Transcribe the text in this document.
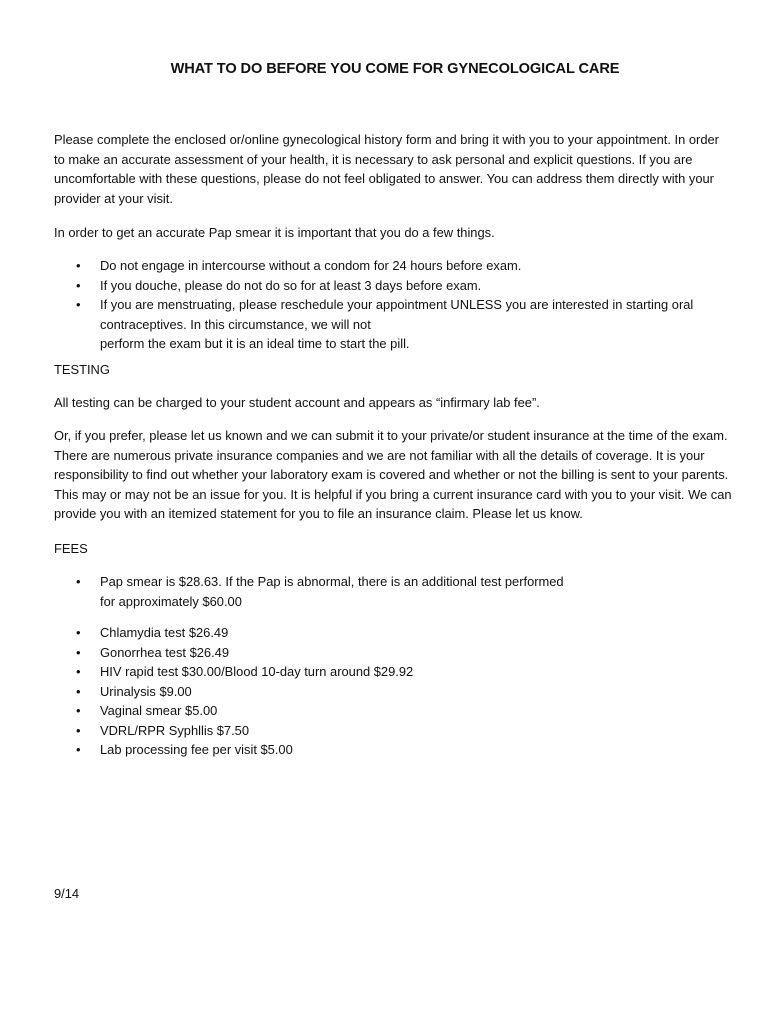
WHAT TO DO BEFORE YOU COME FOR GYNECOLOGICAL CARE

Please complete the enclosed or/online gynecological history form and bring it with you to your appointment. In order
to make an accurate assessment of your health, it is necessary to ask personal and explicit questions. If you are
uncomfortable with these questions, please do not feel obligated to answer. You can address them directly with your
provider at your visit.

In order to get an accurate Pap smear it is important that you do a few things.

• Do not engage in intercourse without a condom for 24 hours before exam.
• If you douche, please do not do so for at least 3 days before exam.
• If you are menstruating, please reschedule your appointment UNLESS you are interested in starting oral
contraceptives. In this circumstance, we will not
perform the exam but it is an ideal time to start the pill.

TESTING

All testing can be charged to your student account and appears as “infirmary lab fee”.

Or, if you prefer, please let us known and we can submit it to your private/or student insurance at the time of the exam.
There are numerous private insurance companies and we are not familiar with all the details of coverage. It is your
responsibility to find out whether your laboratory exam is covered and whether or not the billing is sent to your parents.
This may or may not be an issue for you. It is helpful if you bring a current insurance card with you to your visit. We can
provide you with an itemized statement for you to file an insurance claim. Please let us know.

FEES

• Pap smear is $28.63. If the Pap is abnormal, there is an additional test performed
for approximately $60.00
• Chlamydia test $26.49
• Gonorrhea test $26.49
• HIV rapid test $30.00/Blood 10-day turn around $29.92
• Urinalysis $9.00
• Vaginal smear $5.00
• VDRL/RPR Syphllis $7.50
• Lab processing fee per visit $5.00

9/14
